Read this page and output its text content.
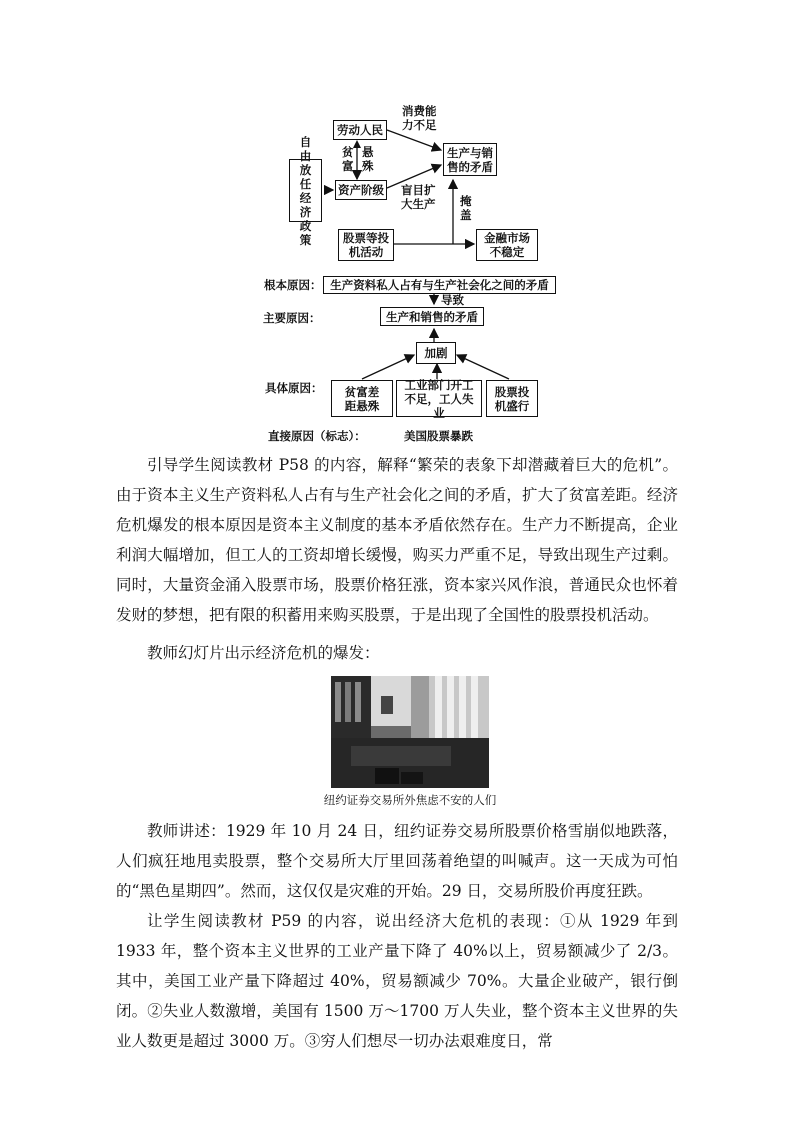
消费能力不足
劳动人民
生产与销售的矛盾
贫富
悬殊
自由放任经济政策
资产阶级 盲目扩大生产	掩盖
股票等投机活动
金融市场不稳定
根本原因： 生产资料私人占有与生产社会化之间的矛盾
导致
主要原因：	生产和销售的矛盾
加剧
具体原因：	贫富差距悬殊
工业部门开工不足，工人失业
股票投机盛行
直接原因（标志）：	美国股票暴跌

引导学生阅读教材 P58 的内容，解释“繁荣的表象下却潜藏着巨大的危机”。由于资本主义生产资料私人占有与生产社会化之间的矛盾，扩大了贫富差距。经济危机爆发的根本原因是资本主义制度的基本矛盾依然存在。生产力不断提高，企业利润大幅增加，但工人的工资却增长缓慢，购买力严重不足，导致出现生产过剩。同时，大量资金涌入股票市场，股票价格狂涨，资本家兴风作浪，普通民众也怀着发财的梦想，把有限的积蓄用来购买股票，于是出现了全国性的股票投机活动。

教师幻灯片出示经济危机的爆发：

纽约证券交易所外焦虑不安的人们

教师讲述：1929 年 10 月 24 日，纽约证券交易所股票价格雪崩似地跌落，人们疯狂地甩卖股票，整个交易所大厅里回荡着绝望的叫喊声。这一天成为可怕的“黑色星期四”。然而，这仅仅是灾难的开始。29 日，交易所股价再度狂跌。

让学生阅读教材 P59 的内容，说出经济大危机的表现：①从 1929 年到 1933 年，整个资本主义世界的工业产量下降了 40%以上，贸易额减少了 2/3。其中，美国工业产量下降超过 40%，贸易额减少 70%。大量企业破产，银行倒闭。②失业人数激增，美国有 1500 万～1700 万人失业，整个资本主义世界的失业人数更是超过 3000 万。③穷人们想尽一切办法艰难度日，常
